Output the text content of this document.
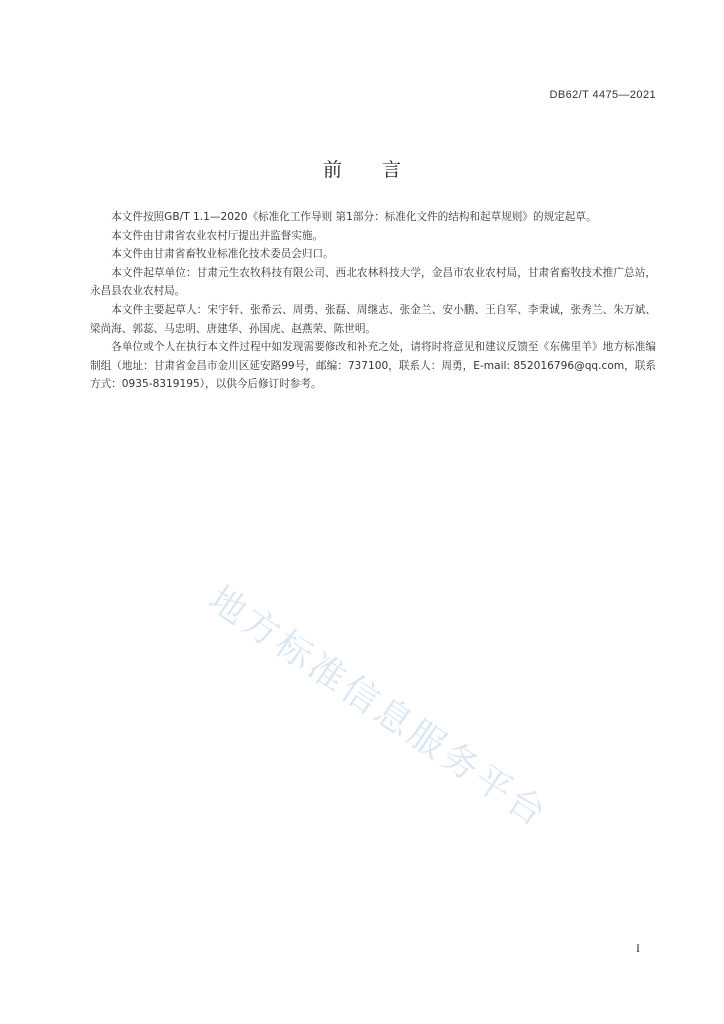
DB62/T 4475—2021
前言

本文件按照GB/T 1.1—2020《标准化工作导则 第1部分：标准化文件的结构和起草规则》的规定起草。

本文件由甘肃省农业农村厅提出并监督实施。

本文件由甘肃省畜牧业标准化技术委员会归口。

本文件起草单位：甘肃元生农牧科技有限公司、西北农林科技大学，金昌市农业农村局，甘肃省畜牧技术推广总站，永昌县农业农村局。

本文件主要起草人：宋宇轩、张希云、周勇、张磊、周继志、张金兰、安小鹏、王自军、李秉诚，张秀兰、朱万斌、梁尚海、郭蕊、马忠明、唐建华、孙国虎、赵燕荣、陈世明。

各单位或个人在执行本文件过程中如发现需要修改和补充之处，请将时将意见和建议反馈至《东佛里羊》地方标准编制组（地址：甘肃省金昌市金川区延安路99号，邮编：737100，联系人：周勇，E-mail: 852016796@qq.com，联系方式：0935-8319195），以供今后修订时参考。

地方标准信息服务平台
I
